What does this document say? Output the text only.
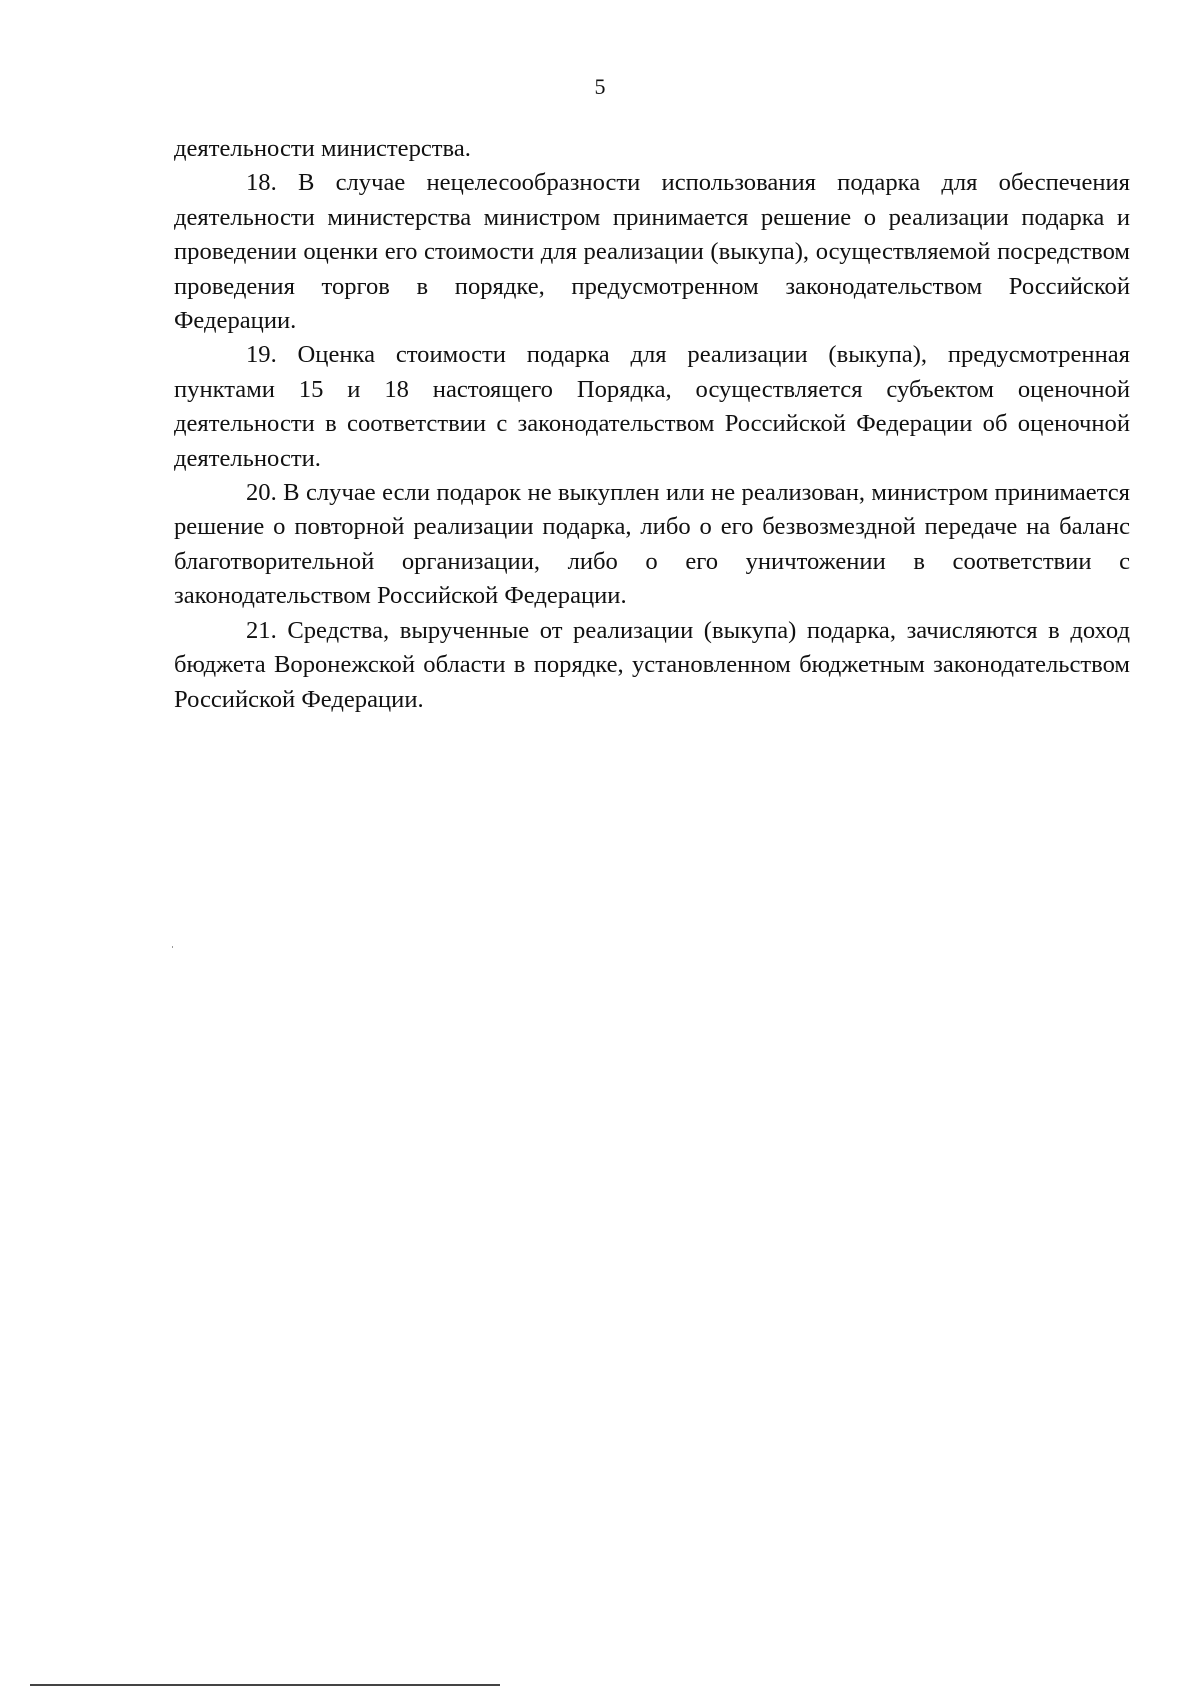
5

деятельности министерства.

18. В случае нецелесообразности использования подарка для обеспечения деятельности министерства министром принимается решение о реализации подарка и проведении оценки его стоимости для реализации (выкупа), осуществляемой посредством проведения торгов в порядке, предусмотренном законодательством Российской Федерации.

19. Оценка стоимости подарка для реализации (выкупа), предусмотренная пунктами 15 и 18 настоящего Порядка, осуществляется субъектом оценочной деятельности в соответствии с законодательством Российской Федерации об оценочной деятельности.

20. В случае если подарок не выкуплен или не реализован, министром принимается решение о повторной реализации подарка, либо о его безвозмездной передаче на баланс благотворительной организации, либо о его уничтожении в соответствии с законодательством Российской Федерации.

21. Средства, вырученные от реализации (выкупа) подарка, зачисляются в доход бюджета Воронежской области в порядке, установленном бюджетным законодательством Российской Федерации.
